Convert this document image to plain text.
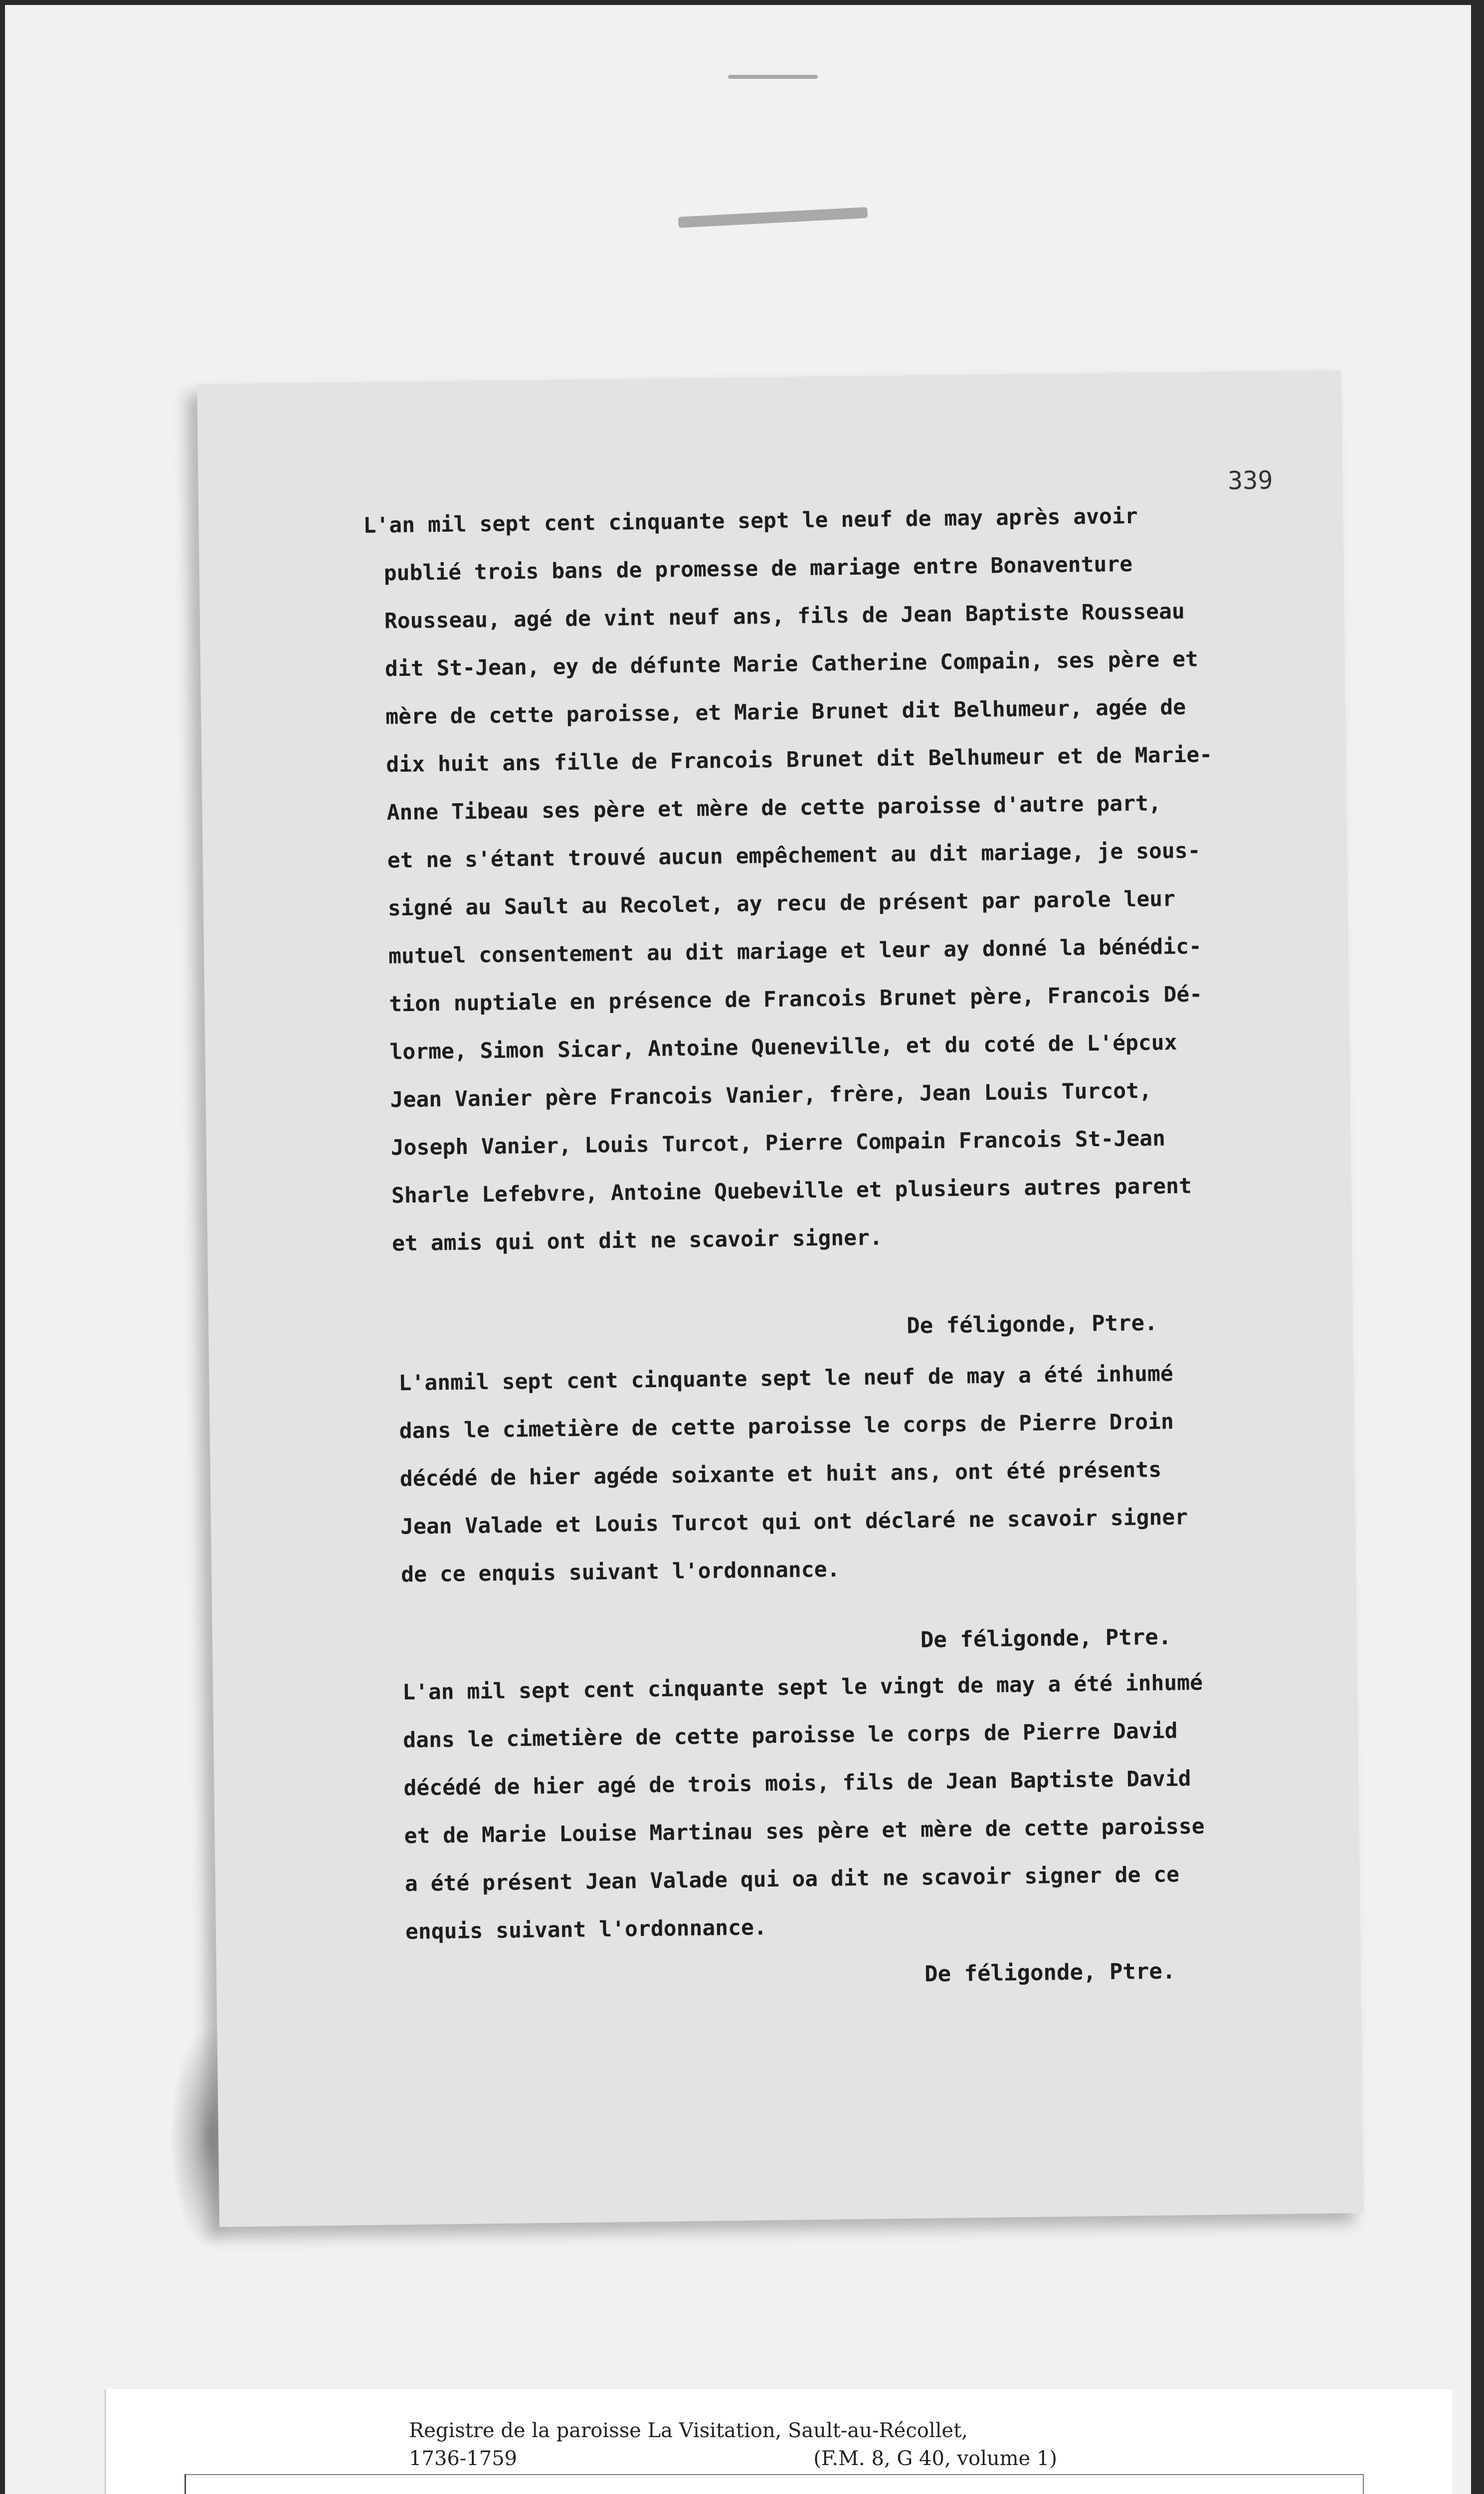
339

L'an mil sept cent cinquante sept le neuf de may après avoir

publié trois bans de promesse de mariage entre Bonaventure

Rousseau, agé de vint neuf ans, fils de Jean Baptiste Rousseau

dit St-Jean, ey de défunte Marie Catherine Compain, ses père et

mère de cette paroisse, et Marie Brunet dit Belhumeur, agée de

dix huit ans fille de Francois Brunet dit Belhumeur et de Marie-

Anne Tibeau ses père et mère de cette paroisse d'autre part,

et ne s'étant trouvé aucun empêchement au dit mariage, je sous-

signé au Sault au Recolet, ay recu de présent par parole leur

mutuel consentement au dit mariage et leur ay donné la bénédic-

tion nuptiale en présence de Francois Brunet père, Francois Dé-

lorme, Simon Sicar, Antoine Queneville, et du coté de L'épcux

Jean Vanier père Francois Vanier, frère, Jean Louis Turcot,

Joseph Vanier, Louis Turcot, Pierre Compain Francois St-Jean

Sharle Lefebvre, Antoine Quebeville et plusieurs autres parent

et amis qui ont dit ne scavoir signer.

De féligonde, Ptre.

L'anmil sept cent cinquante sept le neuf de may a été inhumé

dans le cimetière de cette paroisse le corps de Pierre Droin

décédé de hier agéde soixante et huit ans, ont été présents

Jean Valade et Louis Turcot qui ont déclaré ne scavoir signer

de ce enquis suivant l'ordonnance.

De féligonde, Ptre.

L'an mil sept cent cinquante sept le vingt de may a été inhumé

dans le cimetière de cette paroisse le corps de Pierre David

décédé de hier agé de trois mois, fils de Jean Baptiste David

et de Marie Louise Martinau ses père et mère de cette paroisse

a été présent Jean Valade qui oa dit ne scavoir signer de ce

enquis suivant l'ordonnance.

De féligonde, Ptre.
Registre de la paroisse La Visitation, Sault-au-Récollet,
1736-1759	(F.M. 8, G 40, volume 1)
